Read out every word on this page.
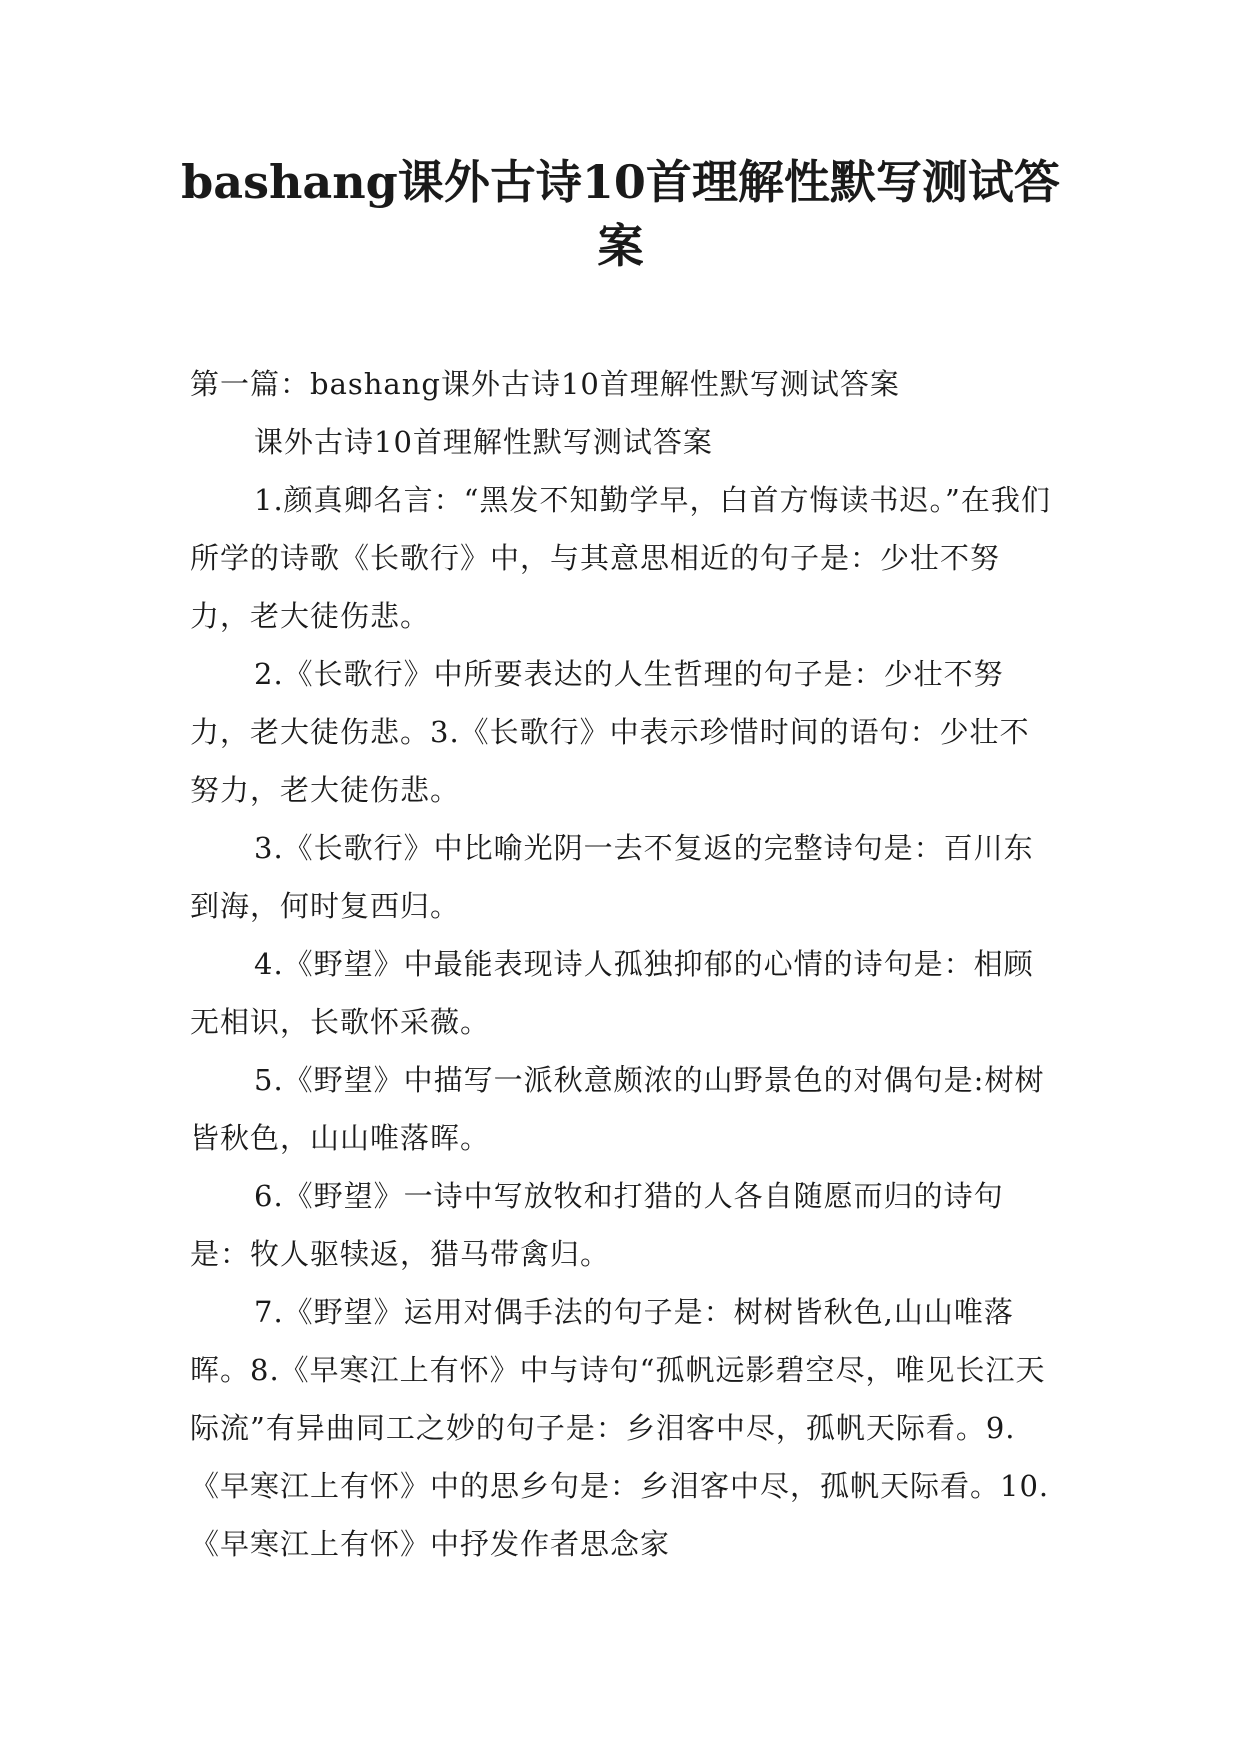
bashang课外古诗10首理解性默写测试答
案

第一篇：bashang课外古诗10首理解性默写测试答案

课外古诗10首理解性默写测试答案

1.颜真卿名言：“黑发不知勤学早，白首方悔读书迟。”在我们所学的诗歌《长歌行》中，与其意思相近的句子是：少壮不努力，老大徒伤悲。

2.《长歌行》中所要表达的人生哲理的句子是：少壮不努力，老大徒伤悲。3.《长歌行》中表示珍惜时间的语句：少壮不努力，老大徒伤悲。

3.《长歌行》中比喻光阴一去不复返的完整诗句是：百川东到海，何时复西归。

4.《野望》中最能表现诗人孤独抑郁的心情的诗句是：相顾无相识，长歌怀采薇。

5.《野望》中描写一派秋意颇浓的山野景色的对偶句是:树树皆秋色，山山唯落晖。

6.《野望》一诗中写放牧和打猎的人各自随愿而归的诗句是：牧人驱犊返，猎马带禽归。

7.《野望》运用对偶手法的句子是：树树皆秋色,山山唯落晖。8.《早寒江上有怀》中与诗句“孤帆远影碧空尽，唯见长江天际流”有异曲同工之妙的句子是：乡泪客中尽，孤帆天际看。9.《早寒江上有怀》中的思乡句是：乡泪客中尽，孤帆天际看。10.《早寒江上有怀》中抒发作者思念家
